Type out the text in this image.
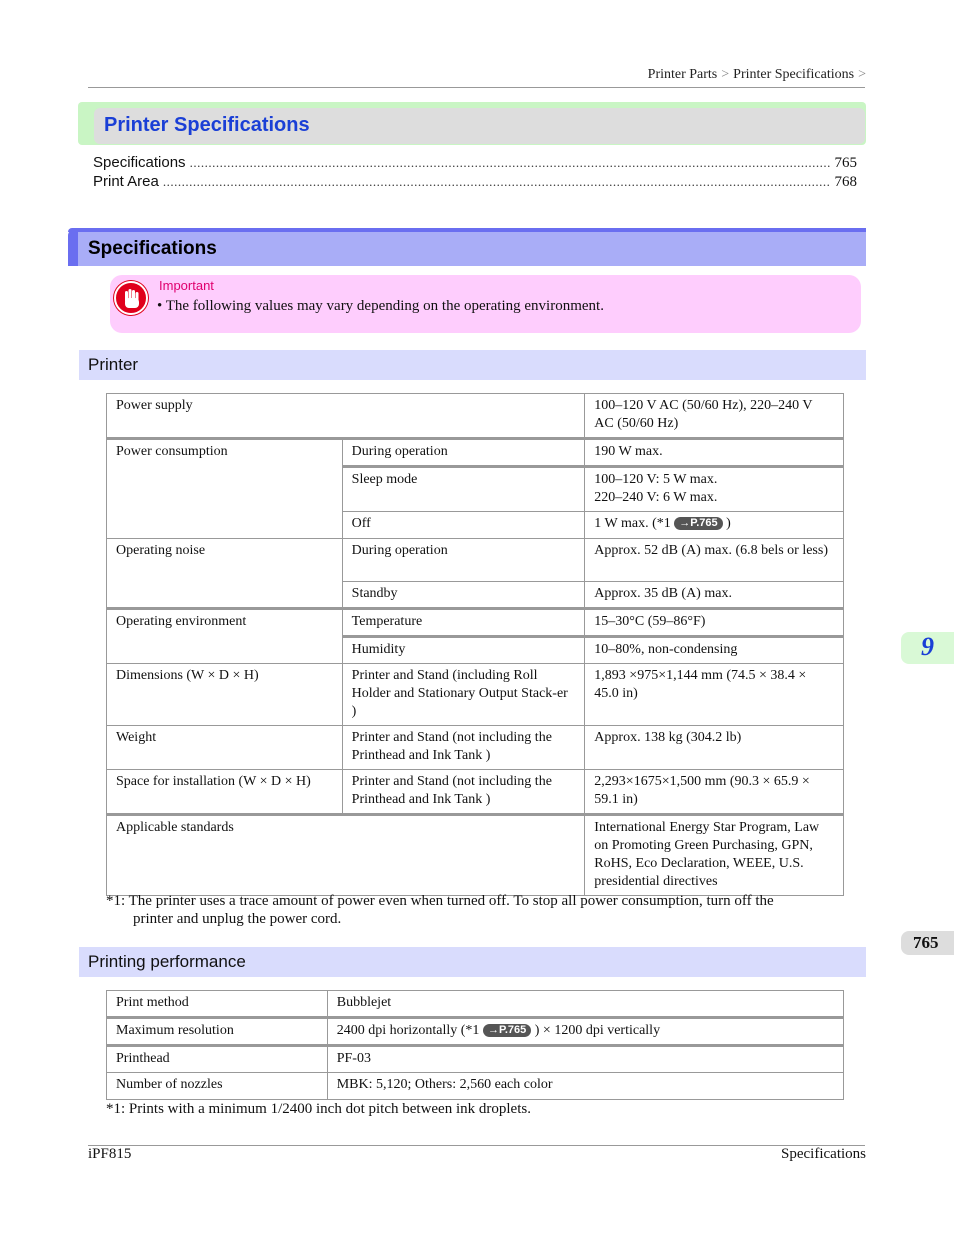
Printer Parts > Printer Specifications >
Printer Specifications
Specifications .....	765
Print Area .....	768
Specifications
Important
• The following values may vary depending on the operating environment.
Printer
Power supply		100–120 V AC (50/60 Hz), 220–240 V AC (50/60 Hz)
Power consumption	During operation	190 W max.
	Sleep mode	100–120 V: 5 W max.
220–240 V: 6 W max.
	Off	1 W max. (*1 →P.765 )
Operating noise	During operation	Approx. 52 dB (A) max. (6.8 bels or less)
	Standby	Approx. 35 dB (A) max.
Operating environment	Temperature	15–30°C (59–86°F)
	Humidity	10–80%, non-condensing
Dimensions (W × D × H)	Printer and Stand (including Roll Holder and Stationary Output Stack-er )	1,893 ×975×1,144 mm (74.5 × 38.4 × 45.0 in)
Weight	Printer and Stand (not including the Printhead and Ink Tank )	Approx. 138 kg (304.2 lb)
Space for installation (W × D × H)	Printer and Stand (not including the Printhead and Ink Tank )	2,293×1675×1,500 mm (90.3 × 65.9 × 59.1 in)
Applicable standards		International Energy Star Program, Law on Promoting Green Purchasing, GPN, RoHS, Eco Declaration, WEEE, U.S. presidential directives
*1: The printer uses a trace amount of power even when turned off. To stop all power consumption, turn off the
printer and unplug the power cord.
Printing performance
Print method	Bubblejet
Maximum resolution	2400 dpi horizontally (*1 →P.765 ) × 1200 dpi vertically
Printhead	PF-03
Number of nozzles	MBK: 5,120; Others: 2,560 each color
*1: Prints with a minimum 1/2400 inch dot pitch between ink droplets.
9
765
iPF815	Specifications
